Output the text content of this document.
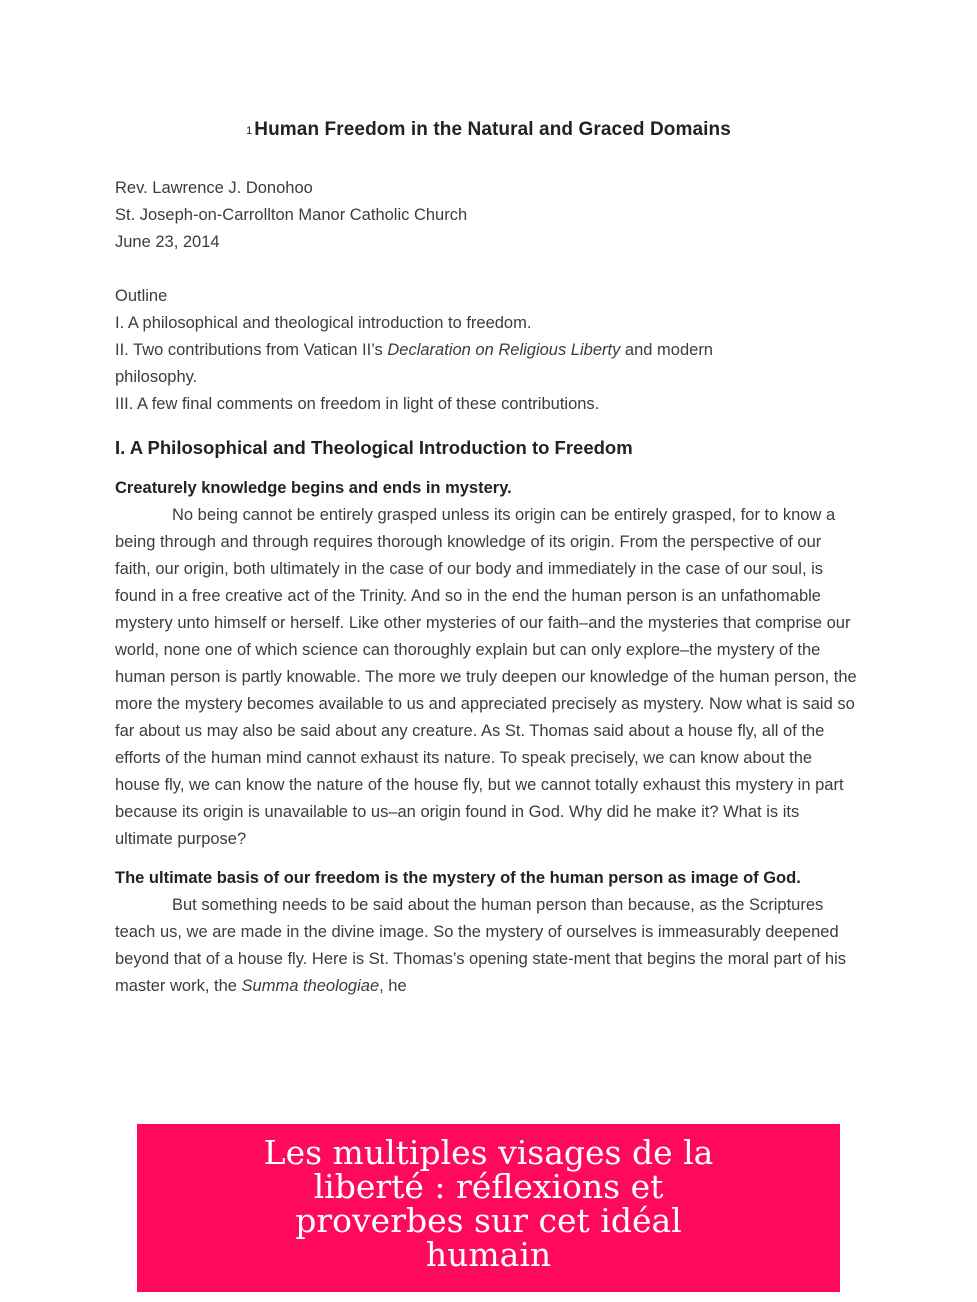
1 Human Freedom in the Natural and Graced Domains
Rev. Lawrence J. Donohoo
St. Joseph-on-Carrollton Manor Catholic Church
June 23, 2014
Outline
I. A philosophical and theological introduction to freedom.
II. Two contributions from Vatican II’s Declaration on Religious Liberty and modern
philosophy.
III. A few final comments on freedom in light of these contributions.
I. A Philosophical and Theological Introduction to Freedom
Creaturely knowledge begins and ends in mystery.

No being cannot be entirely grasped unless its origin can be entirely grasped, for to know a being through and through requires thorough knowledge of its origin. From the perspective of our faith, our origin, both ultimately in the case of our body and immediately in the case of our soul, is found in a free creative act of the Trinity. And so in the end the human person is an unfathomable mystery unto himself or herself. Like other mysteries of our faith–and the mysteries that comprise our world, none one of which science can thoroughly explain but can only explore–the mystery of the human person is partly knowable. The more we truly deepen our knowledge of the human person, the more the mystery becomes available to us and appreciated precisely as mystery. Now what is said so far about us may also be said about any creature. As St. Thomas said about a house fly, all of the efforts of the human mind cannot exhaust its nature. To speak precisely, we can know about the house fly, we can know the nature of the house fly, but we cannot totally exhaust this mystery in part because its origin is unavailable to us–an origin found in God. Why did he make it? What is its ultimate purpose?

The ultimate basis of our freedom is the mystery of the human person as image of God.

But something needs to be said about the human person than because, as the Scriptures teach us, we are made in the divine image. So the mystery of ourselves is immeasurably deepened beyond that of a house fly. Here is St. Thomas’s opening state-ment that begins the moral part of his master work, the Summa theologiae, he

Les multiples visages de la
liberté : réflexions et
proverbes sur cet idéal
humain
